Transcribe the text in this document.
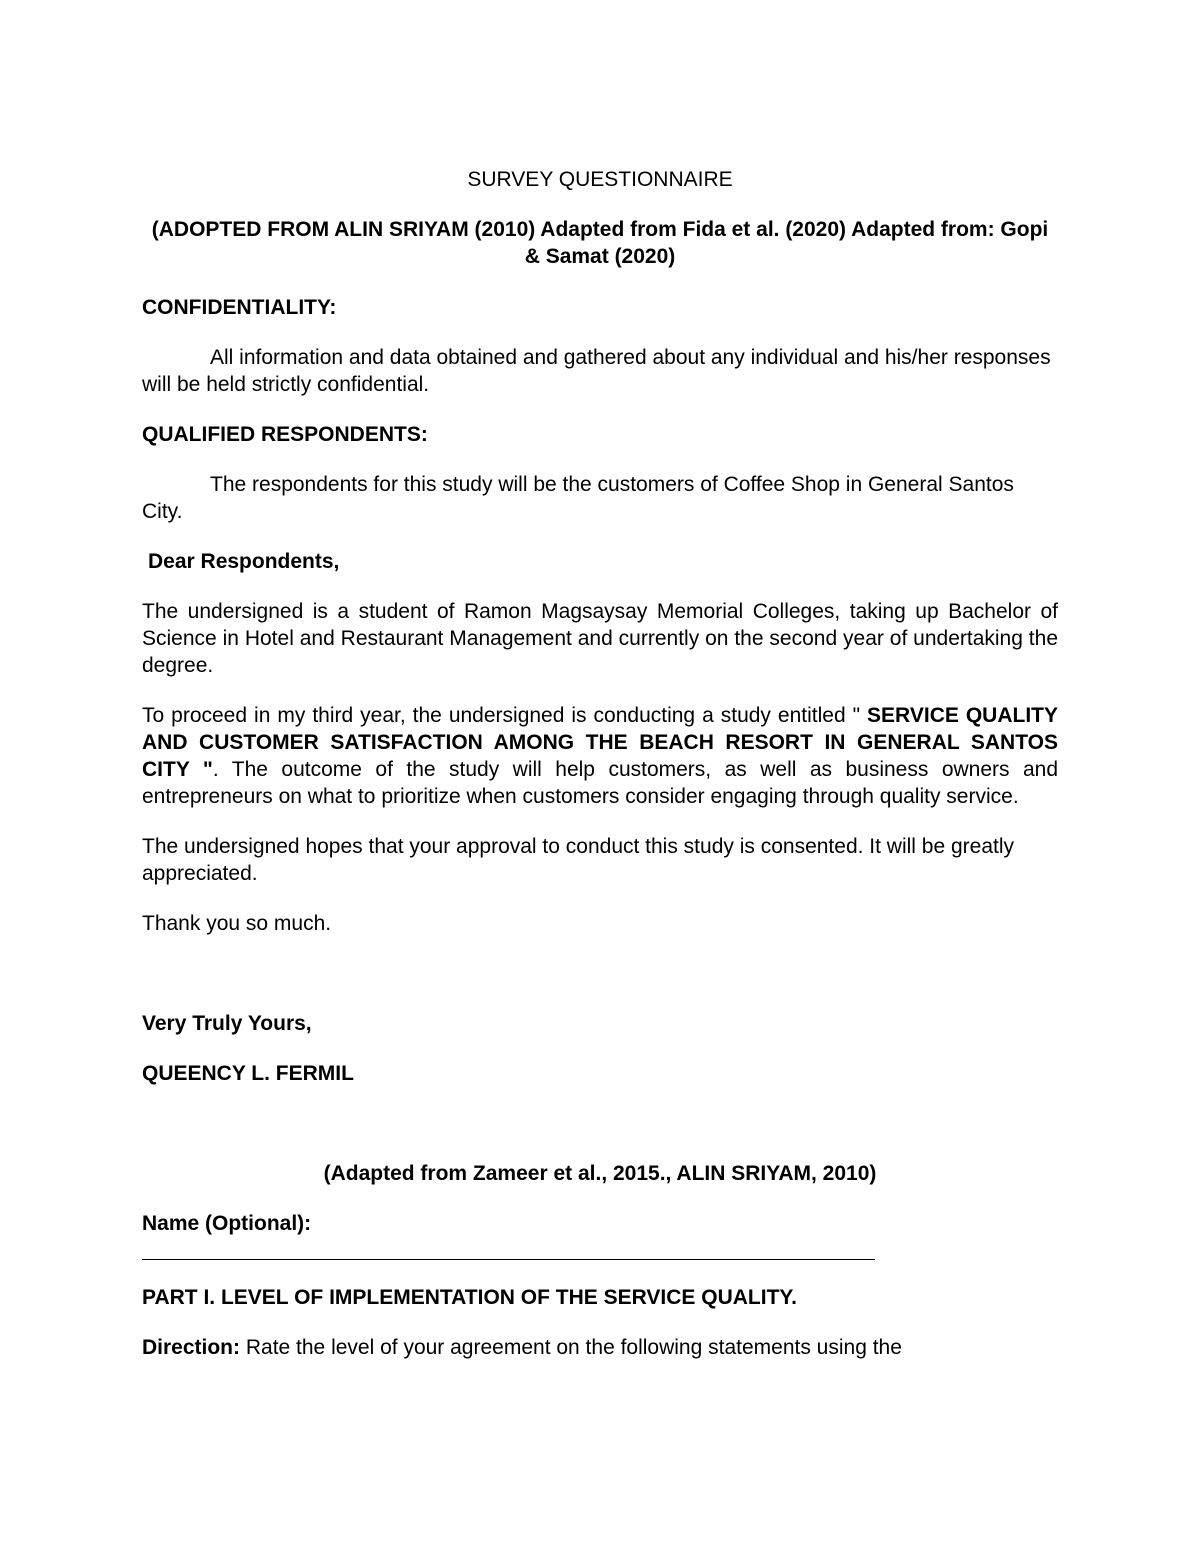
SURVEY QUESTIONNAIRE

(ADOPTED FROM ALIN SRIYAM (2010) Adapted from Fida et al. (2020) Adapted from: Gopi & Samat (2020)

CONFIDENTIALITY:

All information and data obtained and gathered about any individual and his/her responses will be held strictly confidential.

QUALIFIED RESPONDENTS:

The respondents for this study will be the customers of Coffee Shop in General Santos City.

Dear Respondents,

The undersigned is a student of Ramon Magsaysay Memorial Colleges, taking up Bachelor of Science in Hotel and Restaurant Management and currently on the second year of undertaking the degree.

To proceed in my third year, the undersigned is conducting a study entitled " SERVICE QUALITY AND CUSTOMER SATISFACTION AMONG THE BEACH RESORT IN GENERAL SANTOS CITY ". The outcome of the study will help customers, as well as business owners and entrepreneurs on what to prioritize when customers consider engaging through quality service.

The undersigned hopes that your approval to conduct this study is consented. It will be greatly appreciated.

Thank you so much.

Very Truly Yours,

QUEENCY L. FERMIL

(Adapted from Zameer et al., 2015., ALIN SRIYAM, 2010)

Name (Optional):

PART I. LEVEL OF IMPLEMENTATION OF THE SERVICE QUALITY.

Direction: Rate the level of your agreement on the following statements using the
